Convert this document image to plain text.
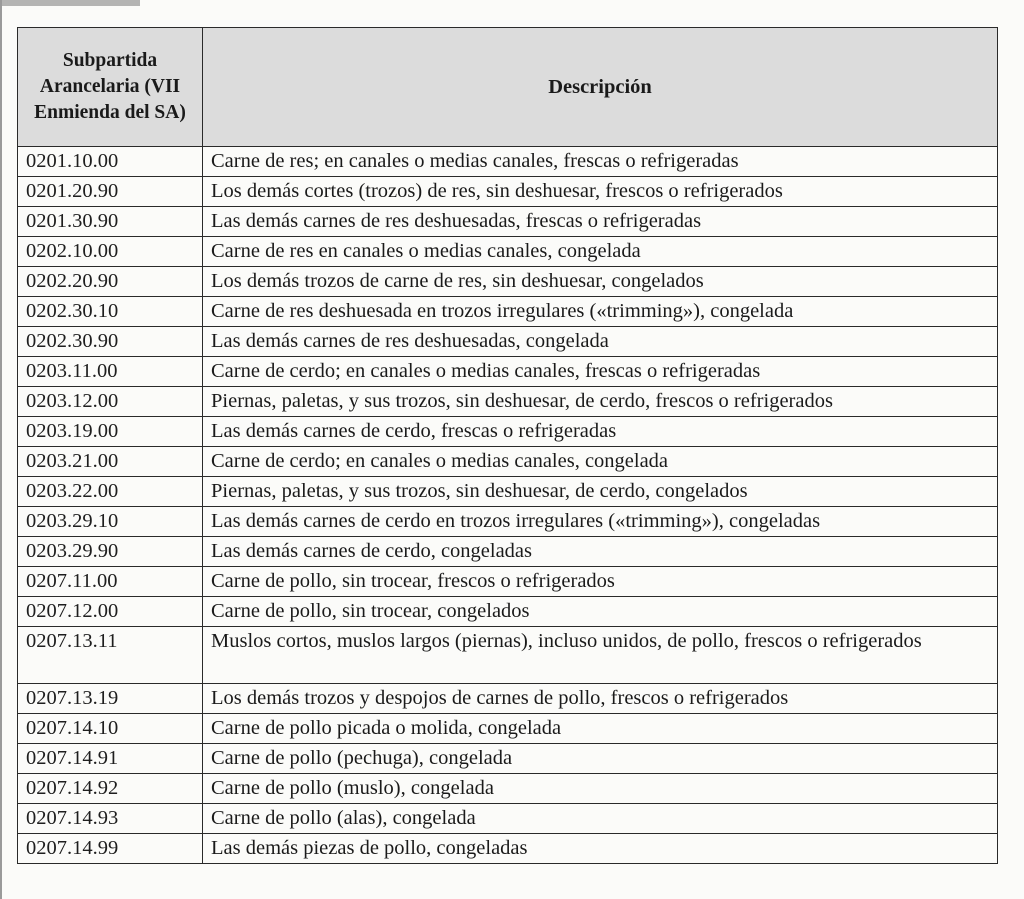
Subpartida Arancelaria (VII Enmienda del SA)	Descripción
0201.10.00	Carne de res; en canales o medias canales, frescas o refrigeradas
0201.20.90	Los demás cortes (trozos) de res, sin deshuesar, frescos o refrigerados
0201.30.90	Las demás carnes de res deshuesadas, frescas o refrigeradas
0202.10.00	Carne de res en canales o medias canales, congelada
0202.20.90	Los demás trozos de carne de res, sin deshuesar, congelados
0202.30.10	Carne de res deshuesada en trozos irregulares («trimming»), congelada
0202.30.90	Las demás carnes de res deshuesadas, congelada
0203.11.00	Carne de cerdo; en canales o medias canales, frescas o refrigeradas
0203.12.00	Piernas, paletas, y sus trozos, sin deshuesar, de cerdo, frescos o refrigerados
0203.19.00	Las demás carnes de cerdo, frescas o refrigeradas
0203.21.00	Carne de cerdo; en canales o medias canales, congelada
0203.22.00	Piernas, paletas, y sus trozos, sin deshuesar, de cerdo, congelados
0203.29.10	Las demás carnes de cerdo en trozos irregulares («trimming»), congeladas
0203.29.90	Las demás carnes de cerdo, congeladas
0207.11.00	Carne de pollo, sin trocear, frescos o refrigerados
0207.12.00	Carne de pollo, sin trocear, congelados
0207.13.11	Muslos cortos, muslos largos (piernas), incluso unidos, de pollo, frescos o refrigerados
0207.13.19	Los demás trozos y despojos de carnes de pollo, frescos o refrigerados
0207.14.10	Carne de pollo picada o molida, congelada
0207.14.91	Carne de pollo (pechuga), congelada
0207.14.92	Carne de pollo (muslo), congelada
0207.14.93	Carne de pollo (alas), congelada
0207.14.99	Las demás piezas de pollo, congeladas
